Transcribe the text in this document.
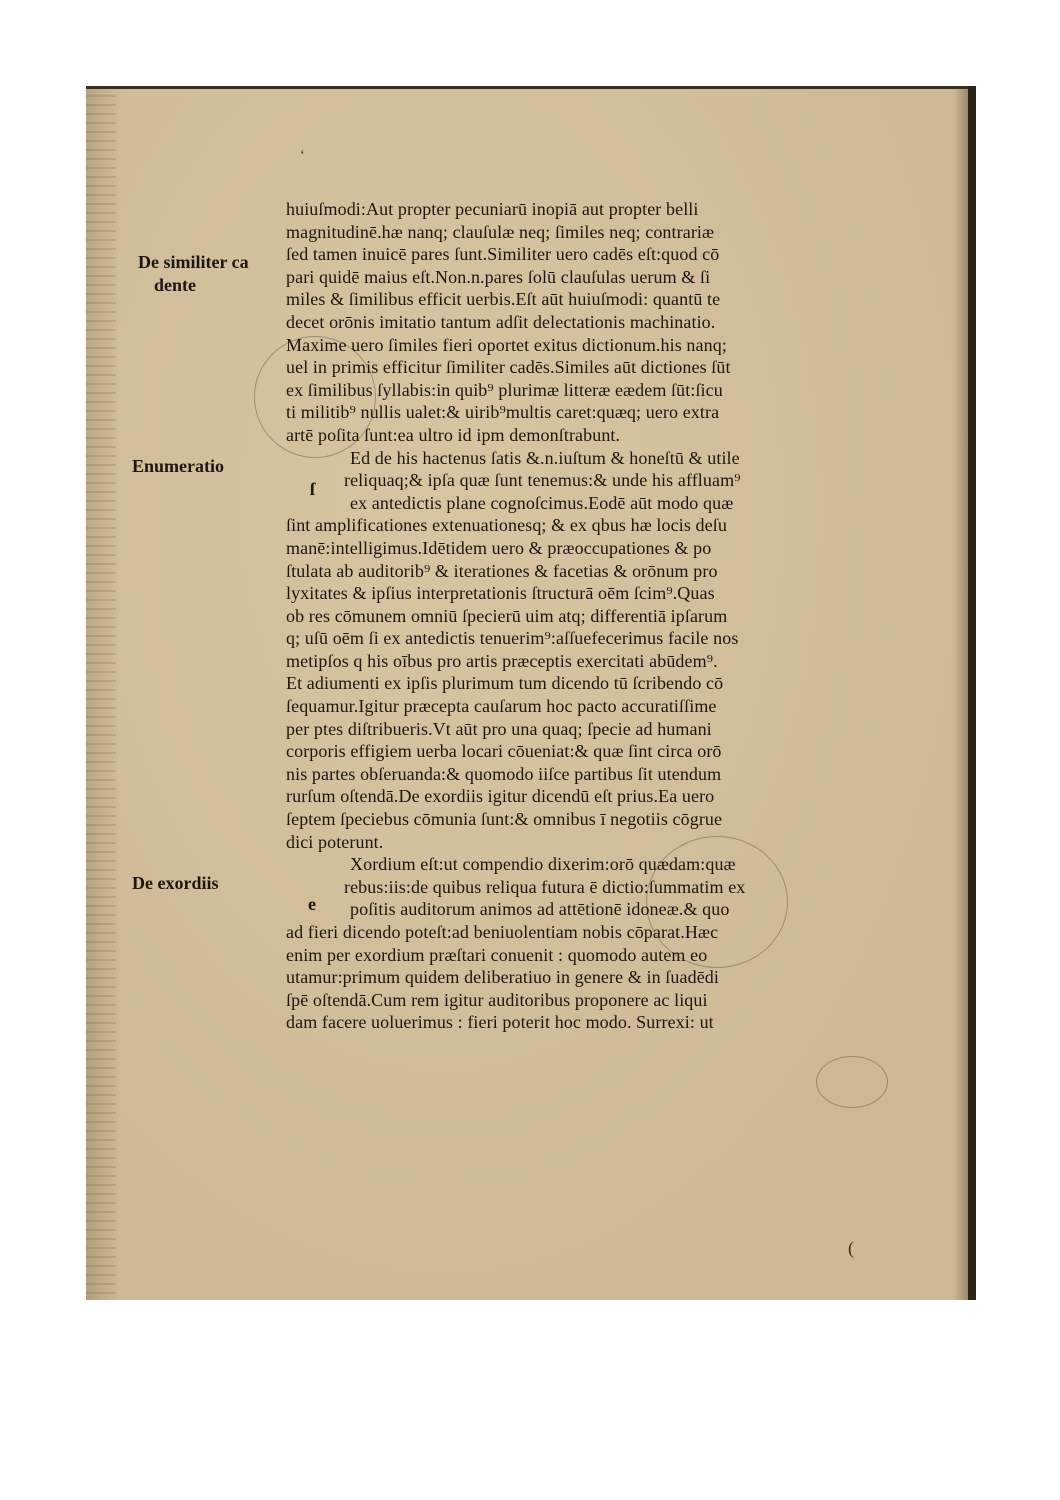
De similiter ca
dente
Enumeratio
De exordiis
ſ
e
‘
(
huiuſmodi:Aut propter pecuniarū inopiā aut propter belli
magnitudinē.hæ nanq; clauſulæ neq; ſimiles neq; contrariæ
ſed tamen inuicē pares ſunt.Similiter uero cadēs eſt:quod cō
pari quidē maius eſt.Non.n.pares ſolū clauſulas uerum & ſi
miles & ſimilibus efficit uerbis.Eſt aūt huiuſmodi: quantū te
decet orōnis imitatio tantum adſit delectationis machinatio.
Maxime uero ſimiles fieri oportet exitus dictionum.his nanq;
uel in primis efficitur ſimiliter cadēs.Similes aūt dictiones ſūt
ex ſimilibus ſyllabis:in quib⁹ plurimæ litteræ eædem ſūt:ſicu
ti militib⁹ nullis ualet:& uirib⁹multis caret:quæq; uero extra
artē poſita ſunt:ea ultro id ipm demonſtrabunt.
Ed de his hactenus ſatis &.n.iuſtum & honeſtū & utile
reliquaq;& ipſa quæ ſunt tenemus:& unde his affluam⁹
ex antedictis plane cognoſcimus.Eodē aūt modo quæ
ſint amplificationes extenuationesq; & ex qbus hæ locis deſu
manē:intelligimus.Idētidem uero & præoccupationes & po
ſtulata ab auditorib⁹ & iterationes & facetias & orōnum pro
lyxitates & ipſius interpretationis ſtructurā oēm ſcim⁹.Quas
ob res cōmunem omniū ſpecierū uim atq; differentiā ipſarum
q; uſū oēm ſi ex antedictis tenuerim⁹:aſſuefecerimus facile nos
metipſos q his oībus pro artis præceptis exercitati abūdem⁹.
Et adiumenti ex ipſis plurimum tum dicendo tū ſcribendo cō
ſequamur.Igitur præcepta cauſarum hoc pacto accuratiſſime
per ptes diſtribueris.Vt aūt pro una quaq; ſpecie ad humani
corporis effigiem uerba locari cōueniat:& quæ ſint circa orō
nis partes obſeruanda:& quomodo iiſce partibus ſit utendum
rurſum oſtendā.De exordiis igitur dicendū eſt prius.Ea uero
ſeptem ſpeciebus cōmunia ſunt:& omnibus ī negotiis cōgrue
dici poterunt.
Xordium eſt:ut compendio dixerim:orō quædam:quæ
rebus:iis:de quibus reliqua futura ē dictio:ſummatim ex
poſitis auditorum animos ad attētionē idoneæ.& quo
ad fieri dicendo poteſt:ad beniuolentiam nobis cōparat.Hæc
enim per exordium præſtari conuenit : quomodo autem eo
utamur:primum quidem deliberatiuo in genere & in ſuadēdi
ſpē oſtendā.Cum rem igitur auditoribus proponere ac liqui
dam facere uoluerimus : fieri poterit hoc modo. Surrexi: ut
